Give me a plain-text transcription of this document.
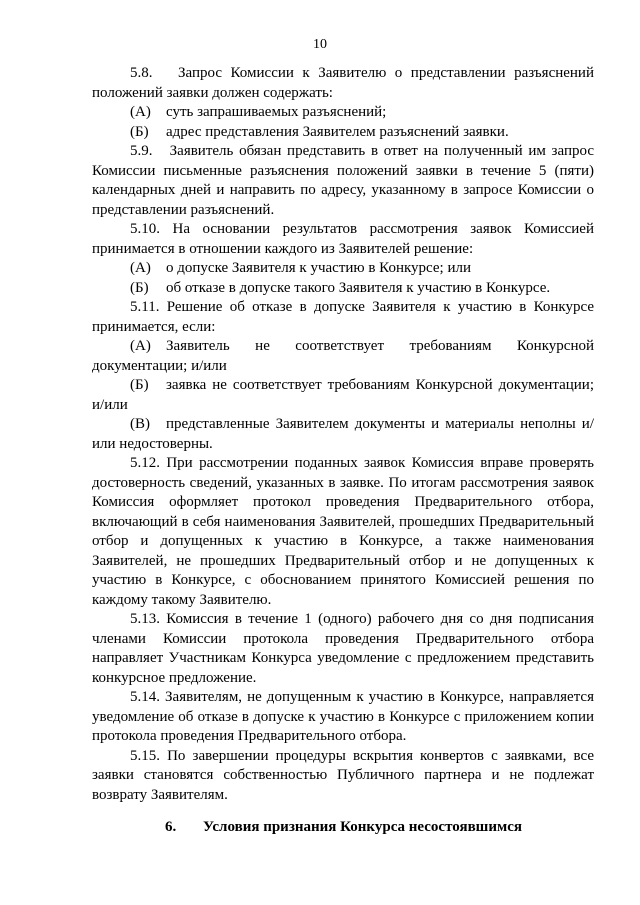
10

5.8.   Запрос Комиссии к Заявителю о представлении разъяснений положений заявки должен содержать:

(А)	суть запрашиваемых разъяснений;
(Б)	адрес представления Заявителем разъяснений заявки.

5.9.   Заявитель обязан представить в ответ на полученный им запрос Комиссии письменные разъяснения положений заявки в течение 5 (пяти) календарных дней и направить по адресу, указанному в запросе Комиссии о представлении разъяснений.

5.10. На основании результатов рассмотрения заявок Комиссией принимается в отношении каждого из Заявителей решение:

(А)	о допуске Заявителя к участию в Конкурсе; или
(Б)	об отказе в допуске такого Заявителя к участию в Конкурсе.

5.11. Решение об отказе в допуске Заявителя к участию в Конкурсе принимается, если:

(А) Заявитель не соответствует требованиям Конкурсной документации; и/или

(Б) заявка не соответствует требованиям Конкурсной документации; и/или

(В) представленные Заявителем документы и материалы неполны и/или недостоверны.

5.12. При рассмотрении поданных заявок Комиссия вправе проверять достоверность сведений, указанных в заявке. По итогам рассмотрения заявок Комиссия оформляет протокол проведения Предварительного отбора, включающий в себя наименования Заявителей, прошедших Предварительный отбор и допущенных к участию в Конкурсе, а также наименования Заявителей, не прошедших Предварительный отбор и не допущенных к участию в Конкурсе, с обоснованием принятого Комиссией решения по каждому такому Заявителю.

5.13. Комиссия в течение 1 (одного) рабочего дня со дня подписания членами Комиссии протокола проведения Предварительного отбора направляет Участникам Конкурса уведомление с предложением представить конкурсное предложение.

5.14. Заявителям, не допущенным к участию в Конкурсе, направляется уведомление об отказе в допуске к участию в Конкурсе с приложением копии протокола проведения Предварительного отбора.

5.15. По завершении процедуры вскрытия конвертов с заявками, все заявки становятся собственностью Публичного партнера и не подлежат возврату Заявителям.

6. Условия признания Конкурса несостоявшимся
